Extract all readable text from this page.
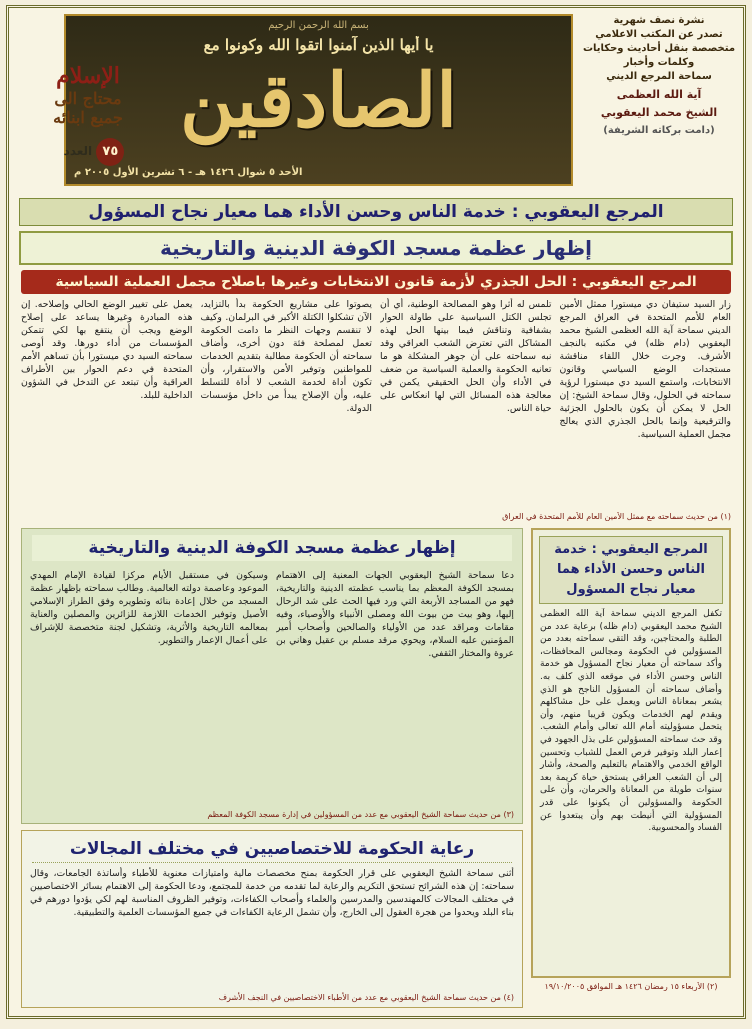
نشرة نصف شهرية
تصدر عن المكتب الاعلامي
متخصصة بنقل أحاديث وحكايات
وكلمات وأخبار
سماحة المرجع الديني
آية الله العظمى
الشيخ محمد اليعقوبي
(دامت بركاته الشريفة)
بسم الله الرحمن الرحيم
يا أيها الذين آمنوا اتقوا الله وكونوا مع
الصادقين
الأحد ٥ شوال ١٤٢٦ هـ - ٦ تشرين الأول ٢٠٠٥ م
الإسلام
محتاج الى
جميع ابنائه
العدد ٧٥
المرجع اليعقوبي : خدمة الناس وحسن الأداء هما معيار نجاح المسؤول
إظهار عظمة مسجد الكوفة الدينية والتاريخية
المرجع اليعقوبي : الحل الجذري لأزمة قانون الانتخابات وغيرها باصلاح مجمل العملية السياسية
زار السيد ستيفان دي ميستورا ممثل الأمين العام للأمم المتحدة في العراق المرجع الديني سماحة آية الله العظمى الشيخ محمد اليعقوبي (دام ظله) في مكتبه بالنجف الأشرف. وجرت خلال اللقاء مناقشة مستجدات الوضع السياسي وقانون الانتخابات، واستمع السيد دي ميستورا لرؤية سماحته في الحلول، وقال سماحة الشيخ: إن الحل لا يمكن أن يكون بالحلول الجزئية والترقيعية وإنما بالحل الجذري الذي يعالج مجمل العملية السياسية.
تلمس له أثرا وهو المصالحة الوطنية، أي أن تجلس الكتل السياسية على طاولة الحوار بشفافية وتناقش فيما بينها الحل لهذه المشاكل التي تعترض الشعب العراقي وقد نبه سماحته على أن جوهر المشكلة هو ما تعانيه الحكومة والعملية السياسية من ضعف في الأداء وأن الحل الحقيقي يكمن في معالجة هذه المسائل التي لها انعكاس على حياة الناس.
يصوتوا على مشاريع الحكومة بدأ بالتزايد، الآن تشكلوا الكتلة الأكبر في البرلمان. وكيف لا تنقسم وجهات النظر ما دامت الحكومة تعمل لمصلحة فئة دون أخرى، وأضاف سماحته أن الحكومة مطالبة بتقديم الخدمات للمواطنين وتوفير الأمن والاستقرار، وأن تكون أداة لخدمة الشعب لا أداة للتسلط عليه، وأن الإصلاح يبدأ من داخل مؤسسات الدولة.
يعمل على تغيير الوضع الحالي وإصلاحه. إن هذه المبادرة وغيرها يساعد على إصلاح الوضع ويجب أن ينتفع بها لكي تتمكن المؤسسات من أداء دورها. وقد أوصى سماحته السيد دي ميستورا بأن تساهم الأمم المتحدة في دعم الحوار بين الأطراف العراقية وأن تبتعد عن التدخل في الشؤون الداخلية للبلد.
(١) من حديث سماحته مع ممثل الأمين العام للأمم المتحدة في العراق
المرجع اليعقوبي : خدمة الناس وحسن الأداء هما معيار نجاح المسؤول
تكفل المرجع الديني سماحة آية الله العظمى الشيخ محمد اليعقوبي (دام ظله) برعاية عدد من الطلبة والمحتاجين، وقد التقى سماحته بعدد من المسؤولين في الحكومة ومجالس المحافظات، وأكد سماحته أن معيار نجاح المسؤول هو خدمة الناس وحسن الأداء في موقعه الذي كلف به. وأضاف سماحته أن المسؤول الناجح هو الذي يشعر بمعاناة الناس ويعمل على حل مشاكلهم ويقدم لهم الخدمات ويكون قريبا منهم، وأن يتحمل مسؤوليته أمام الله تعالى وأمام الشعب. وقد حث سماحته المسؤولين على بذل الجهود في إعمار البلد وتوفير فرص العمل للشباب وتحسين الواقع الخدمي والاهتمام بالتعليم والصحة، وأشار إلى أن الشعب العراقي يستحق حياة كريمة بعد سنوات طويلة من المعاناة والحرمان، وأن على الحكومة والمسؤولين أن يكونوا على قدر المسؤولية التي أنيطت بهم وأن يبتعدوا عن الفساد والمحسوبية.
(٢) الأربعاء ١٥ رمضان ١٤٢٦ هـ الموافق ١٩/١٠/٢٠٠٥
إظهار عظمة مسجد الكوفة الدينية والتاريخية
دعا سماحة الشيخ اليعقوبي الجهات المعنية إلى الاهتمام بمسجد الكوفة المعظم بما يناسب عظمته الدينية والتاريخية، فهو من المساجد الأربعة التي ورد فيها الحث على شد الرحال إليها، وهو بيت من بيوت الله ومصلى الأنبياء والأوصياء، وفيه مقامات ومراقد عدد من الأولياء والصالحين وأصحاب أمير المؤمنين عليه السلام، ويحوي مرقد مسلم بن عقيل وهاني بن عروة والمختار الثقفي.
وسيكون في مستقبل الأيام مركزا لقيادة الإمام المهدي الموعود وعاصمة دولته العالمية. وطالب سماحته بإظهار عظمة المسجد من خلال إعادة بنائه وتطويره وفق الطراز الإسلامي الأصيل وتوفير الخدمات اللازمة للزائرين والمصلين والعناية بمعالمه التاريخية والأثرية، وتشكيل لجنة متخصصة للإشراف على أعمال الإعمار والتطوير.
(٣) من حديث سماحة الشيخ اليعقوبي مع عدد من المسؤولين في إدارة مسجد الكوفة المعظم
رعاية الحكومة للاختصاصيين في مختلف المجالات
أثنى سماحة الشيخ اليعقوبي على قرار الحكومة بمنح مخصصات مالية وامتيازات معنوية للأطباء وأساتذة الجامعات، وقال سماحته: إن هذه الشرائح تستحق التكريم والرعاية لما تقدمه من خدمة للمجتمع، ودعا الحكومة إلى الاهتمام بسائر الاختصاصيين في مختلف المجالات كالمهندسين والمدرسين والعلماء وأصحاب الكفاءات، وتوفير الظروف المناسبة لهم لكي يؤدوا دورهم في بناء البلد ويحدوا من هجرة العقول إلى الخارج، وأن تشمل الرعاية الكفاءات في جميع المؤسسات العلمية والتطبيقية.
(٤) من حديث سماحة الشيخ اليعقوبي مع عدد من الأطباء الاختصاصيين في النجف الأشرف
